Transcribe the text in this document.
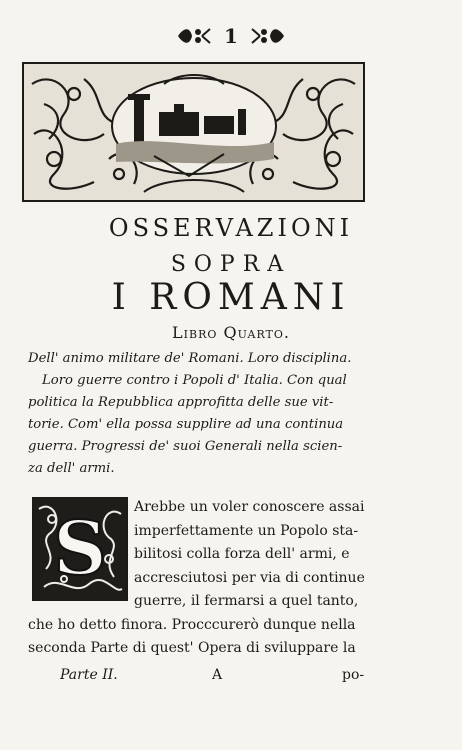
1
OSSERVAZIONI
SOPRA
I ROMANI
Libro Quarto.

Dell' animo militare de' Romani. Loro disciplina.

Loro guerre contro i Popoli d' Italia. Con qual

politica la Repubblica approfitta delle sue vit-

torie. Com' ella possa supplire ad una continua

guerra. Progressi de' suoi Generali nella scien-

za dell' armi.

S	Arebbe un voler conoscere assai
imperfettamente un Popolo sta-
bilitosi colla forza dell' armi, e
accresciutosi per via di continue
guerre, il fermarsi a quel tanto,
che ho detto finora. Procccurerò dunque nella
seconda Parte di quest' Opera di sviluppare la
Parte II.	A	po-
